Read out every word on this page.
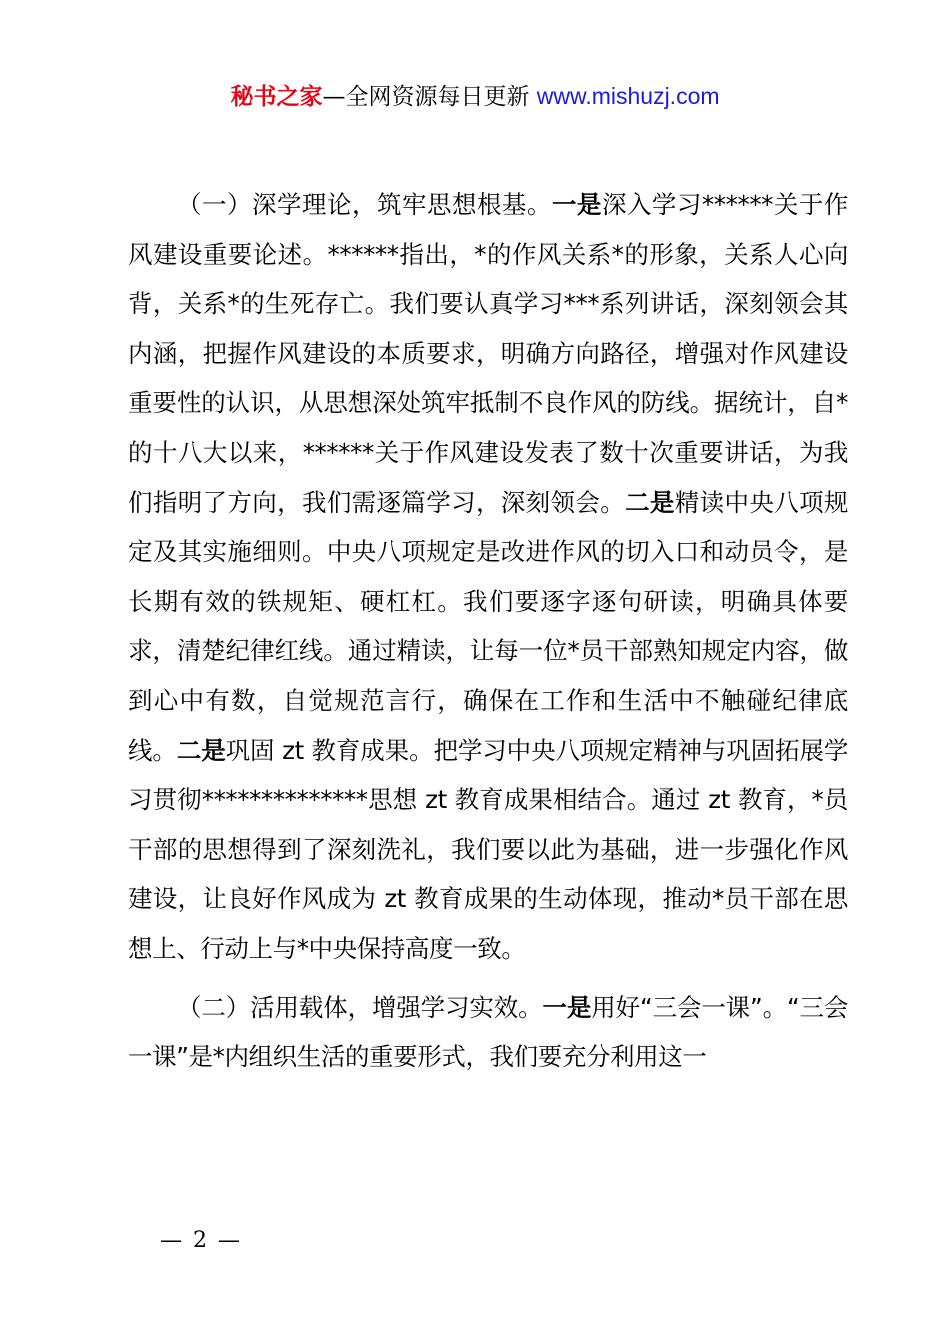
秘书之家—全网资源每日更新 www.mishuzj.com

（一）深学理论，筑牢思想根基。一是深入学习******关于作风建设重要论述。******指出，*的作风关系*的形象，关系人心向背，关系*的生死存亡。我们要认真学习***系列讲话，深刻领会其内涵，把握作风建设的本质要求，明确方向路径，增强对作风建设重要性的认识，从思想深处筑牢抵制不良作风的防线。据统计，自*的十八大以来，******关于作风建设发表了数十次重要讲话，为我们指明了方向，我们需逐篇学习，深刻领会。二是精读中央八项规定及其实施细则。中央八项规定是改进作风的切入口和动员令，是长期有效的铁规矩、硬杠杠。我们要逐字逐句研读，明确具体要求，清楚纪律红线。通过精读，让每一位*员干部熟知规定内容，做到心中有数，自觉规范言行，确保在工作和生活中不触碰纪律底线。二是巩固 zt 教育成果。把学习中央八项规定精神与巩固拓展学习贯彻**************思想 zt 教育成果相结合。通过 zt 教育，*员干部的思想得到了深刻洗礼，我们要以此为基础，进一步强化作风建设，让良好作风成为 zt 教育成果的生动体现，推动*员干部在思想上、行动上与*中央保持高度一致。

（二）活用载体，增强学习实效。一是用好“三会一课”。“三会一课”是*内组织生活的重要形式，我们要充分利用这一

— 2 —
